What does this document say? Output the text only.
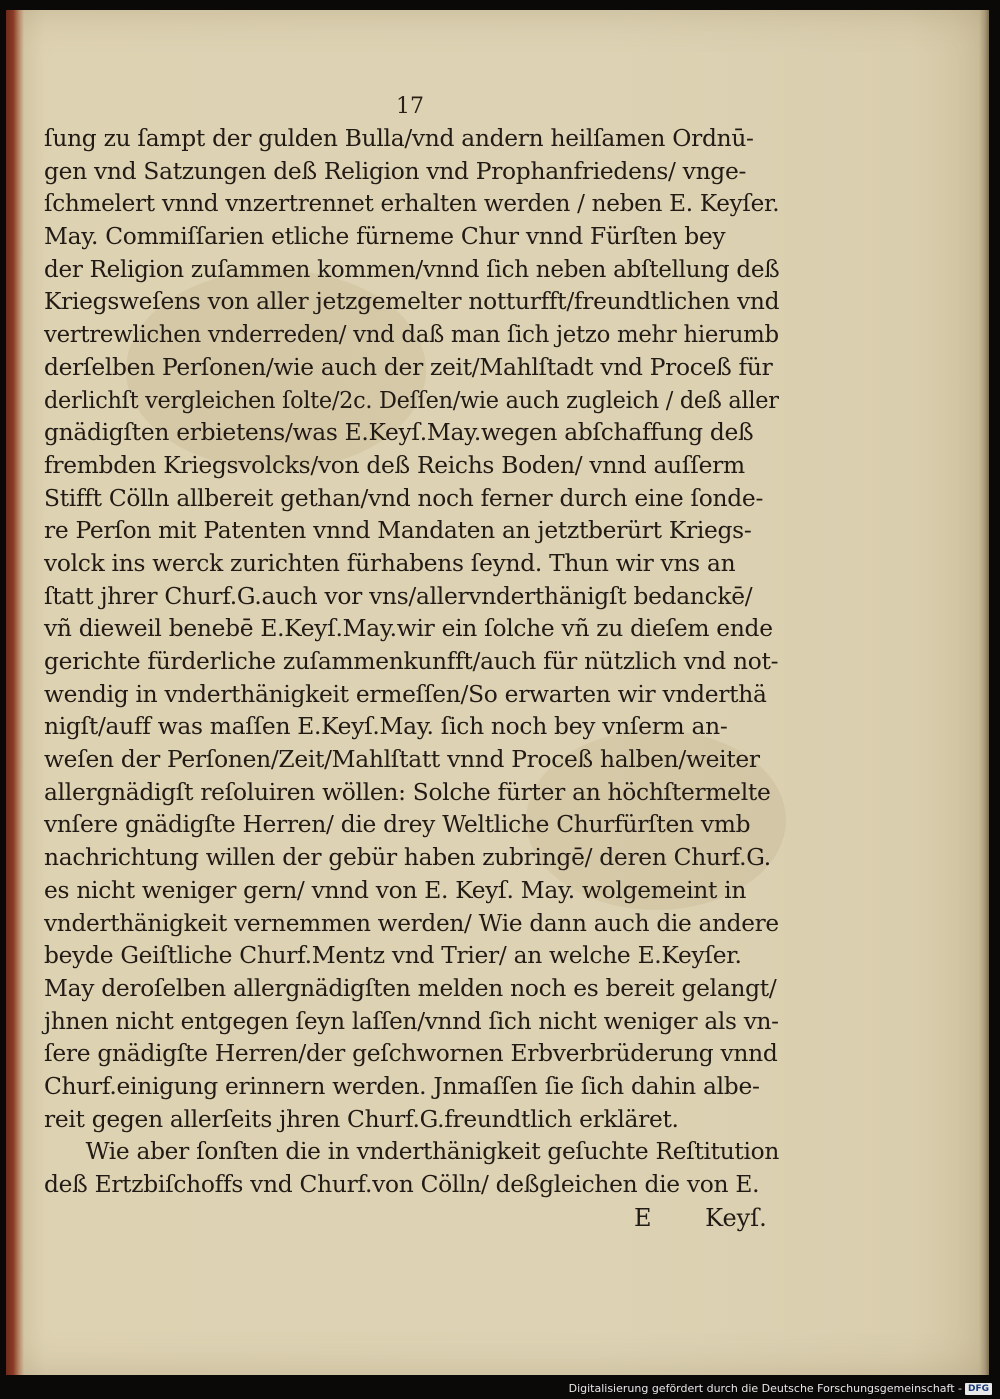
17
ſung zu ſampt der gulden Bulla/vnd andern heilſamen Ordnū-
gen vnd Satzungen deß Religion vnd Prophanfriedens/ vnge-
ſchmelert vnnd vnzertrennet erhalten werden / neben E. Keyſer.
May. Commiſſarien etliche fürneme Chur vnnd Fürſten bey
der Religion zuſammen kommen/vnnd ſich neben abſtellung deß
Kriegsweſens von aller jetzgemelter notturfft/freundtlichen vnd
vertrewlichen vnderreden/ vnd daß man ſich jetzo mehr hierumb
derſelben Perſonen/wie auch der zeit/Mahlſtadt vnd Proceß für
derlichſt vergleichen ſolte/2c. Deſſen/wie auch zugleich / deß aller
gnädigſten erbietens/was E.Keyſ.May.wegen abſchaffung deß
frembden Kriegsvolcks/von deß Reichs Boden/ vnnd auſſerm
Stifft Cölln allbereit gethan/vnd noch ferner durch eine ſonde-
re Perſon mit Patenten vnnd Mandaten an jetztberürt Kriegs-
volck ins werck zurichten fürhabens ſeynd. Thun wir vns an
ſtatt jhrer Churf.G.auch vor vns/allervnderthänigſt bedanckē/
vñ dieweil benebē E.Keyſ.May.wir ein ſolche vñ zu dieſem ende
gerichte fürderliche zuſammenkunfft/auch für nützlich vnd not-
wendig in vnderthänigkeit ermeſſen/So erwarten wir vnderthä
nigſt/auff was maſſen E.Keyſ.May. ſich noch bey vnſerm an-
weſen der Perſonen/Zeit/Mahlſtatt vnnd Proceß halben/weiter
allergnädigſt reſoluiren wöllen: Solche fürter an höchſtermelte
vnſere gnädigſte Herren/ die drey Weltliche Churfürſten vmb
nachrichtung willen der gebür haben zubringē/ deren Churf.G.
es nicht weniger gern/ vnnd von E. Keyſ. May. wolgemeint in
vnderthänigkeit vernemmen werden/ Wie dann auch die andere
beyde Geiſtliche Churf.Mentz vnd Trier/ an welche E.Keyſer.
May deroſelben allergnädigſten melden noch es bereit gelangt/
jhnen nicht entgegen ſeyn laſſen/vnnd ſich nicht weniger als vn-
ſere gnädigſte Herren/der geſchwornen Erbverbrüderung vnnd
Churf.einigung erinnern werden. Jnmaſſen ſie ſich dahin albe-
reit gegen allerſeits jhren Churf.G.freundtlich erkläret.
Wie aber ſonſten die in vnderthänigkeit geſuchte Reſtitution
deß Ertzbiſchoffs vnd Churf.von Cölln/ deßgleichen die von E.
E Keyſ.
Digitalisierung gefördert durch die Deutsche Forschungsgemeinschaft - DFG
